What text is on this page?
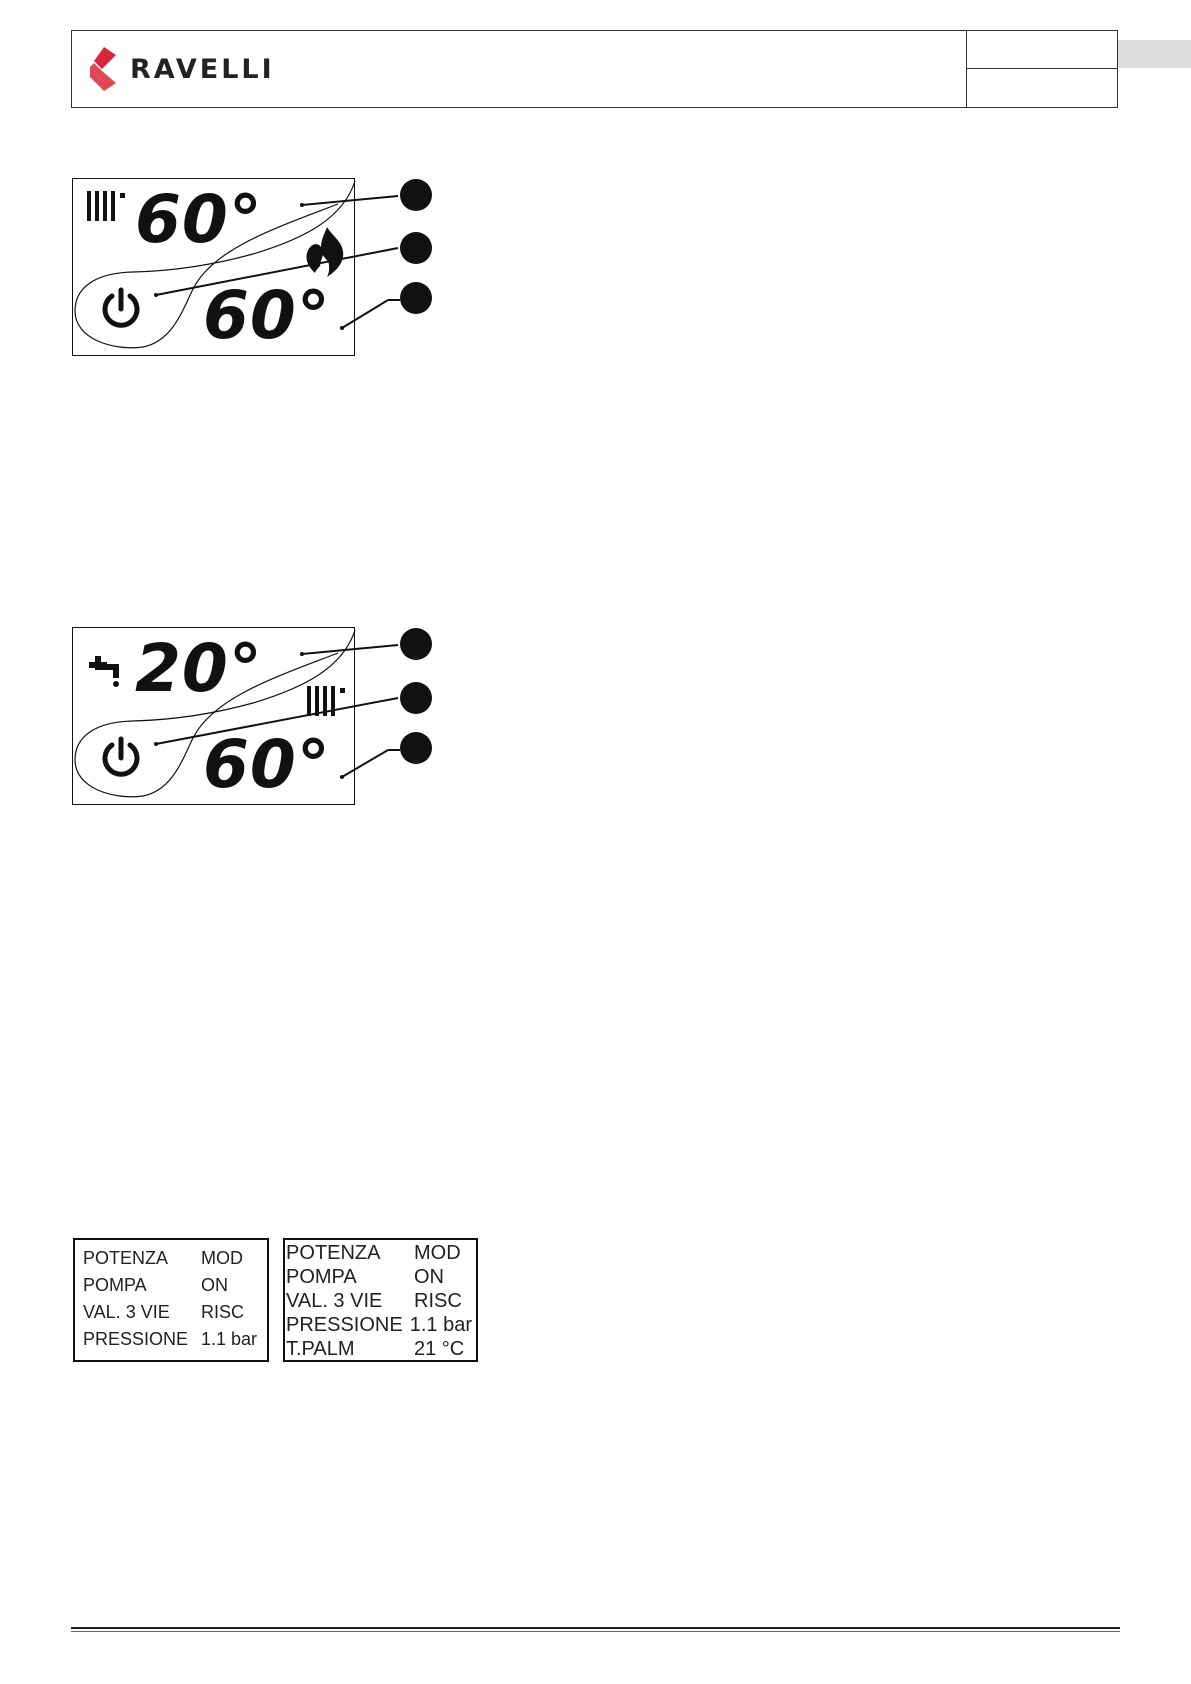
RAVELLI
60°
60°
20°
60°
POTENZA	MOD
POMPA	ON
VAL. 3 VIE	RISC
PRESSIONE 1.1 bar
POTENZA	MOD
POMPA	ON
VAL. 3 VIE	RISC
PRESSIONE 1.1 bar
T.PALM	21 °C
